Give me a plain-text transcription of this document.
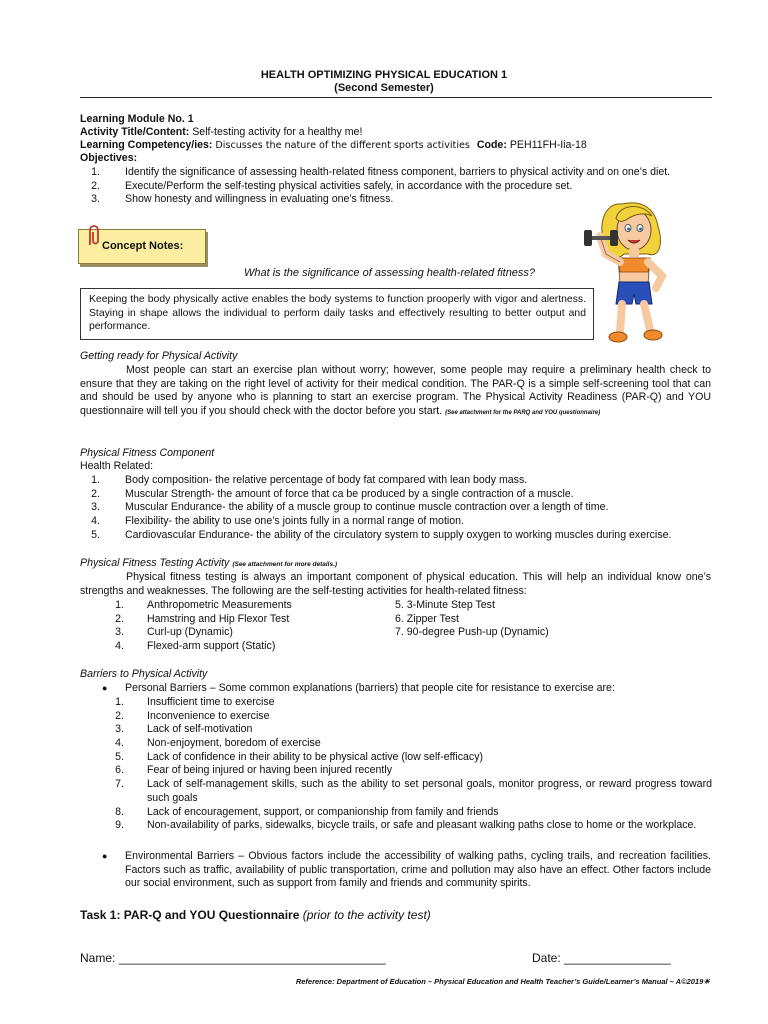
HEALTH OPTIMIZING PHYSICAL EDUCATION 1
(Second Semester)
Learning Module No. 1
Activity Title/Content: Self-testing activity for a healthy me!
Learning Competency/ies: Discusses the nature of the different sports activities Code: PEH11FH-Iia-18
Objectives:
1. Identify the significance of assessing health-related fitness component, barriers to physical activity and on one’s diet.
2. Execute/Perform the self-testing physical activities safely, in accordance with the procedure set.
3. Show honesty and willingness in evaluating one’s fitness.
Concept Notes:
What is the significance of assessing health-related fitness?
Keeping the body physically active enables the body systems to function prooperly with vigor and alertness. Staying in shape allows the individual to perform daily tasks and effectively resulting to better output and performance.
Getting ready for Physical Activity
Most people can start an exercise plan without worry; however, some people may require a preliminary health check to ensure that they are taking on the right level of activity for their medical condition. The PAR-Q is a simple self-screening tool that can and should be used by anyone who is planning to start an exercise program. The Physical Activity Readiness (PAR-Q) and YOU questionnaire will tell you if you should check with the doctor before you start. (See attachment for the PARQ and YOU questionnaire)
Physical Fitness Component
Health Related:
1. Body composition- the relative percentage of body fat compared with lean body mass.
2. Muscular Strength- the amount of force that ca be produced by a single contraction of a muscle.
3. Muscular Endurance- the ability of a muscle group to continue muscle contraction over a length of time.
4. Flexibility- the ability to use one’s joints fully in a normal range of motion.
5. Cardiovascular Endurance- the ability of the circulatory system to supply oxygen to working muscles during exercise.
Physical Fitness Testing Activity (See attachment for more details.)
Physical fitness testing is always an important component of physical education. This will help an individual know one’s strengths and weaknesses. The following are the self-testing activities for health-related fitness:
1. Anthropometric Measurements
2. Hamstring and Hip Flexor Test
3. Curl-up (Dynamic)
4. Flexed-arm support (Static)
5. 3-Minute Step Test
6. Zipper Test
7. 90-degree Push-up (Dynamic)
Barriers to Physical Activity
● Personal Barriers – Some common explanations (barriers) that people cite for resistance to exercise are:
1. Insufficient time to exercise
2. Inconvenience to exercise
3. Lack of self-motivation
4. Non-enjoyment, boredom of exercise
5. Lack of confidence in their ability to be physical active (low self-efficacy)
6. Fear of being injured or having been injured recently
7. Lack of self-management skills, such as the ability to set personal goals, monitor progress, or reward progress toward such goals
8. Lack of encouragement, support, or companionship from family and friends
9. Non-availability of parks, sidewalks, bicycle trails, or safe and pleasant walking paths close to home or the workplace.
● Environmental Barriers – Obvious factors include the accessibility of walking paths, cycling trails, and recreation facilities. Factors such as traffic, availability of public transportation, crime and pollution may also have an effect. Other factors include our social environment, such as support from family and friends and community spirits.
Task 1: PAR-Q and YOU Questionnaire (prior to the activity test)
Name: ________________________________________	Date: ________________
Reference: Department of Education – Physical Education and Health Teacher’s Guide/Learner’s Manual – A©2019☀
